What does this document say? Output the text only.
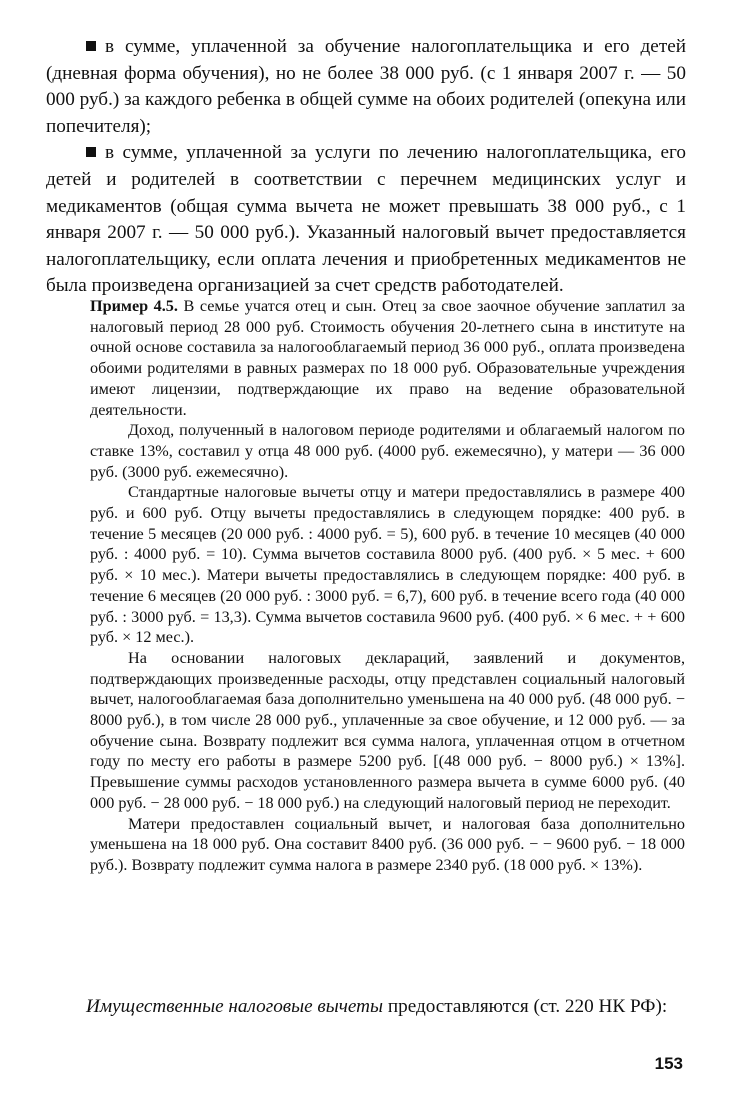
в сумме, уплаченной за обучение налогоплательщика и его детей (дневная форма обучения), но не более 38 000 руб. (с 1 января 2007 г. — 50 000 руб.) за каждого ребенка в общей сумме на обоих родителей (опекуна или попечителя);

в сумме, уплаченной за услуги по лечению налогоплательщика, его детей и родителей в соответствии с перечнем медицинских услуг и медикаментов (общая сумма вычета не может превышать 38 000 руб., с 1 января 2007 г. — 50 000 руб.). Указанный налоговый вычет предоставляется налогоплательщику, если оплата лечения и приобретенных медикаментов не была произведена организацией за счет средств работодателей.

Пример 4.5. В семье учатся отец и сын. Отец за свое заочное обучение заплатил за налоговый период 28 000 руб. Стоимость обучения 20-летнего сына в институте на очной основе составила за налогооблагаемый период 36 000 руб., оплата произведена обоими родителями в равных размерах по 18 000 руб. Образовательные учреждения имеют лицензии, подтверждающие их право на ведение образовательной деятельности.

Доход, полученный в налоговом периоде родителями и облагаемый налогом по ставке 13%, составил у отца 48 000 руб. (4000 руб. ежемесячно), у матери — 36 000 руб. (3000 руб. ежемесячно).

Стандартные налоговые вычеты отцу и матери предоставлялись в размере 400 руб. и 600 руб. Отцу вычеты предоставлялись в следующем порядке: 400 руб. в течение 5 месяцев (20 000 руб. : 4000 руб. = 5), 600 руб. в течение 10 месяцев (40 000 руб. : 4000 руб. = 10). Сумма вычетов составила 8000 руб. (400 руб. × 5 мес. + 600 руб. × 10 мес.). Матери вычеты предоставлялись в следующем порядке: 400 руб. в течение 6 месяцев (20 000 руб. : 3000 руб. = 6,7), 600 руб. в течение всего года (40 000 руб. : 3000 руб. = 13,3). Сумма вычетов составила 9600 руб. (400 руб. × 6 мес. + + 600 руб. × 12 мес.).

На основании налоговых деклараций, заявлений и документов, подтверждающих произведенные расходы, отцу представлен социальный налоговый вычет, налогооблагаемая база дополнительно уменьшена на 40 000 руб. (48 000 руб. − 8000 руб.), в том числе 28 000 руб., уплаченные за свое обучение, и 12 000 руб. — за обучение сына. Возврату подлежит вся сумма налога, уплаченная отцом в отчетном году по месту его работы в размере 5200 руб. [(48 000 руб. − 8000 руб.) × 13%]. Превышение суммы расходов установленного размера вычета в сумме 6000 руб. (40 000 руб. − 28 000 руб. − 18 000 руб.) на следующий налоговый период не переходит.

Матери предоставлен социальный вычет, и налоговая база дополнительно уменьшена на 18 000 руб. Она составит 8400 руб. (36 000 руб. − − 9600 руб. − 18 000 руб.). Возврату подлежит сумма налога в размере 2340 руб. (18 000 руб. × 13%).

Имущественные налоговые вычеты предоставляются (ст. 220 НК РФ):

153
